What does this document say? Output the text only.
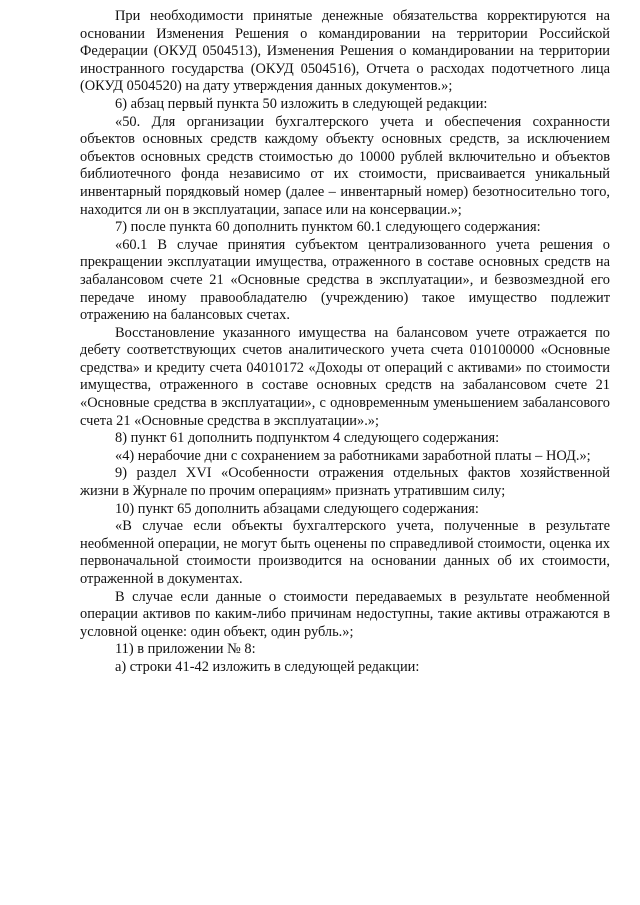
При необходимости принятые денежные обязательства корректируются на основании Изменения Решения о командировании на территории Российской Федерации (ОКУД 0504513), Изменения Решения о командировании на территории иностранного государства (ОКУД 0504516), Отчета о расходах подотчетного лица (ОКУД 0504520) на дату утверждения данных документов.»;

6) абзац первый пункта 50 изложить в следующей редакции:

«50. Для организации бухгалтерского учета и обеспечения сохранности объектов основных средств каждому объекту основных средств, за исключением объектов основных средств стоимостью до 10000 рублей включительно и объектов библиотечного фонда независимо от их стоимости, присваивается уникальный инвентарный порядковый номер (далее – инвентарный номер) безотносительно того, находится ли он в эксплуатации, запасе или на консервации.»;

7) после пункта 60 дополнить пунктом 60.1 следующего содержания:

«60.1 В случае принятия субъектом централизованного учета решения о прекращении эксплуатации имущества, отраженного в составе основных средств на забалансовом счете 21 «Основные средства в эксплуатации», и безвозмездной его передаче иному правообладателю (учреждению) такое имущество подлежит отражению на балансовых счетах.

Восстановление указанного имущества на балансовом учете отражается по дебету соответствующих счетов аналитического учета счета 010100000 «Основные средства» и кредиту счета 04010172 «Доходы от операций с активами» по стоимости имущества, отраженного в составе основных средств на забалансовом счете 21 «Основные средства в эксплуатации», с одновременным уменьшением забалансового счета 21 «Основные средства в эксплуатации».»;

8) пункт 61 дополнить подпунктом 4 следующего содержания:

«4) нерабочие дни с сохранением за работниками заработной платы – НОД.»;

9) раздел XVI «Особенности отражения отдельных фактов хозяйственной жизни в Журнале по прочим операциям» признать утратившим силу;

10) пункт 65 дополнить абзацами следующего содержания:

«В случае если объекты бухгалтерского учета, полученные в результате необменной операции, не могут быть оценены по справедливой стоимости, оценка их первоначальной стоимости производится на основании данных об их стоимости, отраженной в документах.

В случае если данные о стоимости передаваемых в результате необменной операции активов по каким-либо причинам недоступны, такие активы отражаются в условной оценке: один объект, один рубль.»;

11) в приложении № 8:

а) строки 41-42 изложить в следующей редакции:
